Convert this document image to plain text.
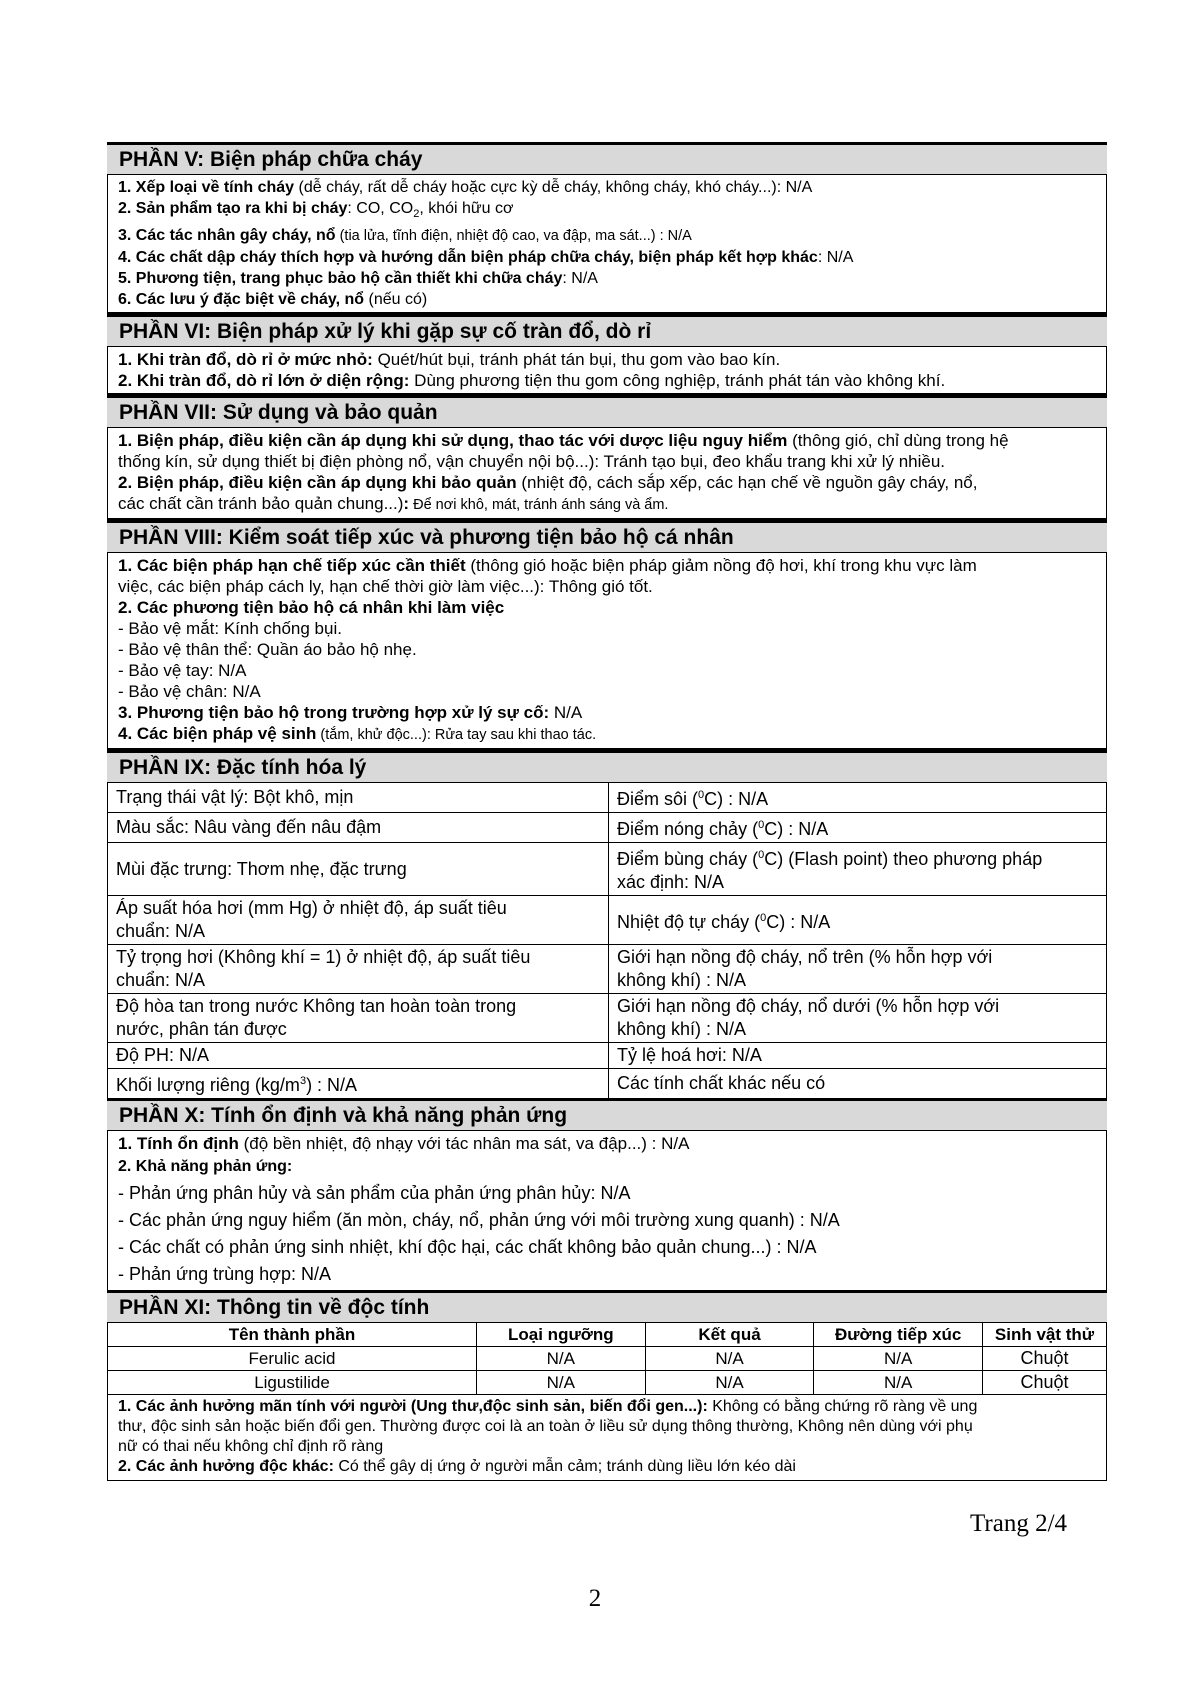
PHẦN V: Biện pháp chữa cháy
1. Xếp loại về tính cháy (dễ cháy, rất dễ cháy hoặc cực kỳ dễ cháy, không cháy, khó cháy...): N/A
2. Sản phẩm tạo ra khi bị cháy: CO, $CO_2$, khói hữu cơ
3. Các tác nhân gây cháy, nổ (tia lửa, tĩnh điện, nhiệt độ cao, va đập, ma sát...) : N/A
4. Các chất dập cháy thích hợp và hướng dẫn biện pháp chữa cháy, biện pháp kết hợp khác: N/A
5. Phương tiện, trang phục bảo hộ cần thiết khi chữa cháy: N/A
6. Các lưu ý đặc biệt về cháy, nổ (nếu có)
PHẦN VI: Biện pháp xử lý khi gặp sự cố tràn đổ, dò rỉ
1. Khi tràn đổ, dò rỉ ở mức nhỏ: Quét/hút bụi, tránh phát tán bụi, thu gom vào bao kín.
2. Khi tràn đổ, dò rỉ lớn ở diện rộng: Dùng phương tiện thu gom công nghiệp, tránh phát tán vào không khí.
PHẦN VII: Sử dụng và bảo quản
1. Biện pháp, điều kiện cần áp dụng khi sử dụng, thao tác với dược liệu nguy hiểm (thông gió, chỉ dùng trong hệ
thống kín, sử dụng thiết bị điện phòng nổ, vận chuyển nội bộ...): Tránh tạo bụi, đeo khẩu trang khi xử lý nhiều.
2. Biện pháp, điều kiện cần áp dụng khi bảo quản (nhiệt độ, cách sắp xếp, các hạn chế về nguồn gây cháy, nổ,
các chất cần tránh bảo quản chung...): Để nơi khô, mát, tránh ánh sáng và ẩm.
PHẦN VIII: Kiểm soát tiếp xúc và phương tiện bảo hộ cá nhân
1. Các biện pháp hạn chế tiếp xúc cần thiết (thông gió hoặc biện pháp giảm nồng độ hơi, khí trong khu vực làm
việc, các biện pháp cách ly, hạn chế thời giờ làm việc...): Thông gió tốt.
2. Các phương tiện bảo hộ cá nhân khi làm việc
- Bảo vệ mắt: Kính chống bụi.
- Bảo vệ thân thể: Quần áo bảo hộ nhẹ.
- Bảo vệ tay: N/A
- Bảo vệ chân: N/A
3. Phương tiện bảo hộ trong trường hợp xử lý sự cố: N/A
4. Các biện pháp vệ sinh (tắm, khử độc...): Rửa tay sau khi thao tác.
PHẦN IX: Đặc tính hóa lý
Trạng thái vật lý: Bột khô, mịn	Điểm sôi ($^0$C) : N/A
Màu sắc: Nâu vàng đến nâu đậm	Điểm nóng chảy ($^0$C) : N/A
Mùi đặc trưng: Thơm nhẹ, đặc trưng	Điểm bùng cháy ($^0$C) (Flash point) theo phương pháp
xác định: N/A
Áp suất hóa hơi (mm Hg) ở nhiệt độ, áp suất tiêu
chuẩn: N/A	Nhiệt độ tự cháy ($^0$C) : N/A
Tỷ trọng hơi (Không khí = 1) ở nhiệt độ, áp suất tiêu
chuẩn: N/A	Giới hạn nồng độ cháy, nổ trên (% hỗn hợp với
không khí) : N/A
Độ hòa tan trong nước Không tan hoàn toàn trong
nước, phân tán được	Giới hạn nồng độ cháy, nổ dưới (% hỗn hợp với
không khí) : N/A
Độ PH: N/A	Tỷ lệ hoá hơi: N/A
Khối lượng riêng $(kg/m^3)$ : N/A	Các tính chất khác nếu có
PHẦN X: Tính ổn định và khả năng phản ứng
1. Tính ổn định (độ bền nhiệt, độ nhạy với tác nhân ma sát, va đập...) : N/A
2. Khả năng phản ứng:
- Phản ứng phân hủy và sản phẩm của phản ứng phân hủy: N/A
- Các phản ứng nguy hiểm (ăn mòn, cháy, nổ, phản ứng với môi trường xung quanh) : N/A
- Các chất có phản ứng sinh nhiệt, khí độc hại, các chất không bảo quản chung...) : N/A
- Phản ứng trùng hợp: N/A
PHẦN XI: Thông tin về độc tính
Tên thành phần	Loại ngưỡng	Kết quả	Đường tiếp xúc	Sinh vật thử
Ferulic acid	N/A	N/A	N/A	Chuột
Ligustilide	N/A	N/A	N/A	Chuột
1. Các ảnh hưởng mãn tính với người (Ung thư,độc sinh sản, biến đổi gen...): Không có bằng chứng rõ ràng về ung
thư, độc sinh sản hoặc biến đổi gen. Thường được coi là an toàn ở liều sử dụng thông thường, Không nên dùng với phụ
nữ có thai nếu không chỉ định rõ ràng
2. Các ảnh hưởng độc khác: Có thể gây dị ứng ở người mẫn cảm; tránh dùng liều lớn kéo dài
Trang 2/4
2
